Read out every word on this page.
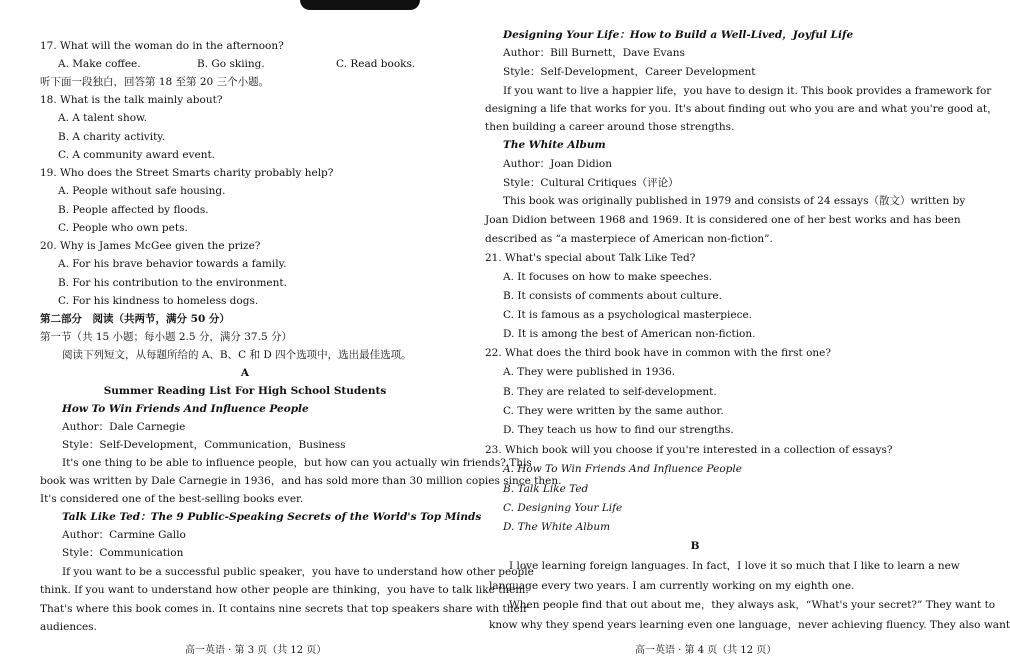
17. What will the woman do in the afternoon?
A. Make coffee.	B. Go skiing.	C. Read books.
听下面一段独白，回答第 18 至第 20 三个小题。
18. What is the talk mainly about?
A. A talent show.
B. A charity activity.
C. A community award event.
19. Who does the Street Smarts charity probably help?
A. People without safe housing.
B. People affected by floods.
C. People who own pets.
20. Why is James McGee given the prize?
A. For his brave behavior towards a family.
B. For his contribution to the environment.
C. For his kindness to homeless dogs.
第二部分　阅读（共两节，满分 50 分）
第一节（共 15 小题；每小题 2.5 分，满分 37.5 分）
阅读下列短文，从每题所给的 A、B、C 和 D 四个选项中，选出最佳选项。
A
Summer Reading List For High School Students
How To Win Friends And Influence People
Author：Dale Carnegie
Style：Self-Development，Communication，Business
It's one thing to be able to influence people，but how can you actually win friends? This
book was written by Dale Carnegie in 1936，and has sold more than 30 million copies since then.
It's considered one of the best-selling books ever.
Talk Like Ted：The 9 Public-Speaking Secrets of the World's Top Minds
Author：Carmine Gallo
Style：Communication
If you want to be a successful public speaker，you have to understand how other people
think. If you want to understand how other people are thinking，you have to talk like them.
That's where this book comes in. It contains nine secrets that top speakers share with their
audiences.
高一英语 · 第 3 页（共 12 页）
Designing Your Life：How to Build a Well-Lived，Joyful Life
Author：Bill Burnett，Dave Evans
Style：Self-Development，Career Development
If you want to live a happier life，you have to design it. This book provides a framework for
designing a life that works for you. It's about finding out who you are and what you're good at，
then building a career around those strengths.
The White Album
Author：Joan Didion
Style：Cultural Critiques（评论）
This book was originally published in 1979 and consists of 24 essays（散文）written by
Joan Didion between 1968 and 1969. It is considered one of her best works and has been
described as “a masterpiece of American non-fiction”.
21. What's special about Talk Like Ted?
A. It focuses on how to make speeches.
B. It consists of comments about culture.
C. It is famous as a psychological masterpiece.
D. It is among the best of American non-fiction.
22. What does the third book have in common with the first one?
A. They were published in 1936.
B. They are related to self-development.
C. They were written by the same author.
D. They teach us how to find our strengths.
23. Which book will you choose if you're interested in a collection of essays?
A. How To Win Friends And Influence People
B. Talk Like Ted
C. Designing Your Life
D. The White Album
B
I love learning foreign languages. In fact，I love it so much that I like to learn a new
language every two years. I am currently working on my eighth one.
When people find that out about me，they always ask，“What's your secret?” They want to
know why they spend years learning even one language，never achieving fluency. They also want
高一英语 · 第 4 页（共 12 页）
